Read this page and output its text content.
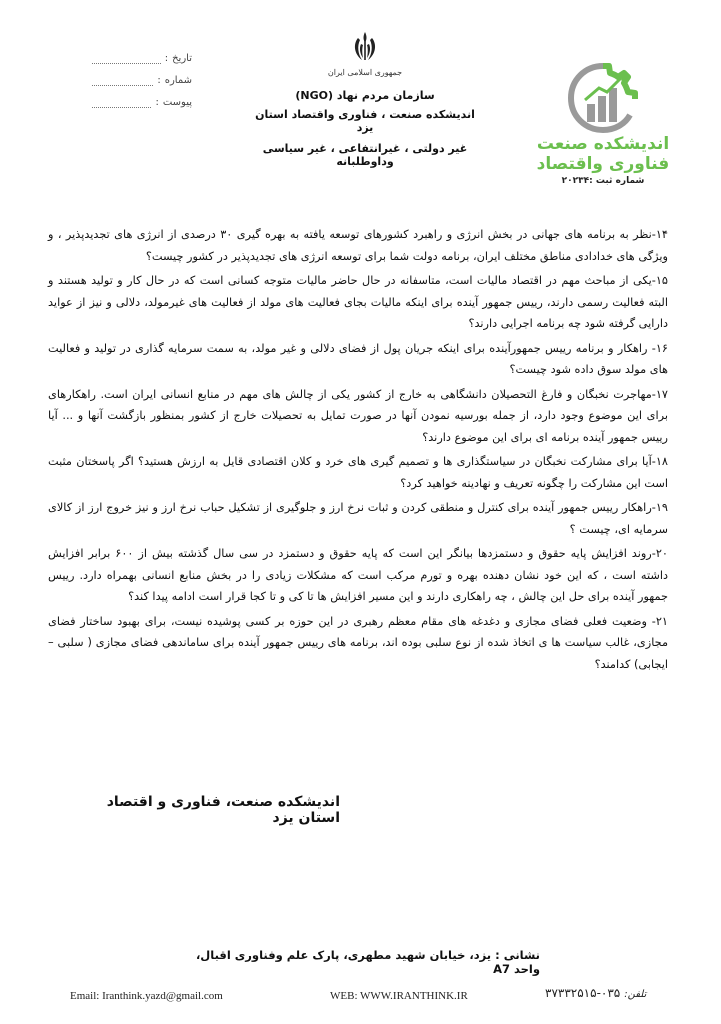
تاریخ
:
شماره
:
پیوست
:
جمهوری اسلامی ایران
سازمان مردم نهاد (NGO)
اندیشکده صنعت ، فناوری واقتصاد استان یزد
غیر دولتی ، غیرانتفاعی ، غیر سیاسی وداوطلبانه
اندیشکده صنعت
فناوری واقتصاد
شماره ثبت :۲۰۲۳۴
۱۴-نظر به برنامه های جهانی در بخش انرژی و راهبرد کشورهای توسعه یافته به بهره گیری ۳۰ درصدی از انرژی های تجدیدپذیر ، و ویژگی های خدادادی مناطق مختلف ایران، برنامه دولت شما برای توسعه انرژی های تجدیدپذیر در کشور چیست؟
۱۵-یکی از مباحث مهم در اقتصاد مالیات است، متاسفانه در حال حاضر مالیات متوجه کسانی است که در حال کار و تولید هستند و البته فعالیت رسمی دارند، رییس جمهور آینده برای اینکه مالیات بجای فعالیت های مولد از فعالیت های غیرمولد، دلالی و نیز از عواید دارایی گرفته شود چه برنامه اجرایی دارند؟
۱۶- راهکار و برنامه رییس جمهورآینده برای اینکه جریان پول از فضای دلالی و غیر مولد، به سمت سرمایه گذاری در تولید و فعالیت های مولد سوق داده شود چیست؟
۱۷-مهاجرت نخبگان و فارغ التحصیلان دانشگاهی به خارج از کشور یکی از چالش های مهم در منابع انسانی ایران است. راهکارهای برای این موضوع وجود دارد، از جمله بورسیه نمودن آنها در صورت تمایل به تحصیلات خارج از کشور بمنظور بازگشت آنها و ... آیا رییس جمهور آینده برنامه ای برای این موضوع دارند؟
۱۸-آیا برای مشارکت نخبگان در سیاستگذاری ها و تصمیم گیری های خرد و کلان اقتصادی قایل به ارزش هستید؟ اگر پاسختان مثبت است این مشارکت را چگونه تعریف و نهادینه خواهید کرد؟
۱۹-راهکار رییس جمهور آینده برای کنترل و منطقی کردن و ثبات نرخ ارز و جلوگیری از تشکیل حباب نرخ ارز و نیز خروج ارز از کالای سرمایه ای، چیست ؟
۲۰-روند افزایش پایه حقوق و دستمزدها بیانگر این است که پایه حقوق و دستمزد در سی سال گذشته بیش از ۶۰۰ برابر افزایش داشته است ، که این خود نشان دهنده بهره و تورم مرکب است که مشکلات زیادی را در بخش منابع انسانی بهمراه دارد. رییس جمهور آینده برای حل این چالش ، چه راهکاری دارند و این مسیر افزایش ها تا کی و تا کجا قرار است ادامه پیدا کند؟
۲۱- وضعیت فعلی فضای مجازی و دغدغه های مقام معظم رهبری در این حوزه بر کسی پوشیده نیست، برای بهبود ساختار فضای مجازی، غالب سیاست ها ی اتخاذ شده از نوع سلبی بوده اند، برنامه های رییس جمهور آینده برای ساماندهی فضای مجازی ( سلبی – ایجابی) کدامند؟
اندیشکده صنعت، فناوری و اقتصاد استان یزد
نشانی : یزد، خیابان شهید مطهری، پارک علم وفناوری اقبال، واحد A7
Email: Iranthink.yazd@gmail.com	WEB: WWW.IRANTHINK.IR	تلفن:۰۳۵-۳۷۳۳۲۵۱۵
